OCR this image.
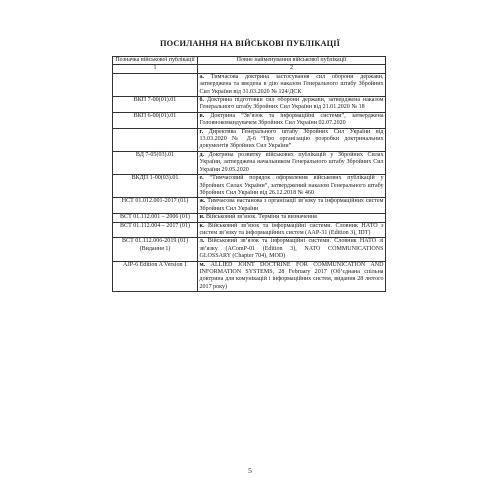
ПОСИЛАННЯ НА ВІЙСЬКОВІ ПУБЛІКАЦІЇ
Позначка військової публікації	Повне найменування військової публікації
1	2
	а. Тимчасова доктрина застосування сил оборони держави, затверджена та введена в дію наказом Генерального штабу Збройних Сил України від 31.03.2020 № 124/ДСК
ВКП 7-00(01).01	б. Доктрина підготовки сил оборони держави, затверджена наказом Генерального штабу Збройних Сил України від 21.01.2020 № 18
ВКП 6-00(01).01	в. Доктрина “Зв’язок та інформаційні системи”, затверджена Головнокомандувачем Збройних Сил України 02.07.2020
	г. Директива Генерального штабу Збройних Сил України від 13.03.2020 № Д-6 “Про організацію розробки доктринальних документів Збройних Сил України”
ВД 7-05(03).01	д. Доктрина розвитку військових публікацій у Збройних Силах України, затверджена начальником Генерального штабу Збройних Сил України 29.05.2020
ВКДП 1-00(03).01	е. “Тимчасовий порядок оформлення військових публікацій у Збройних Силах України”, затверджений наказом Генерального штабу Збройних Сил України від 26.12.2018 № 460
НСТ 01.012.001-2017 (01)	ж. Тимчасова настанова з організації зв’язку та інформаційних систем Збройних Сил України
ВСТ 01.112.001 – 2006 (01)	и. Військовий зв’язок. Терміни та визначення
ВСТ 01.112.004 – 2017 (01)	к. Військовий зв’язок та інформаційні системи. Словник НАТО з систем зв’язку та інформаційних систем (AAP-31 (Edition 3), IDT)
ВСТ 01.112.006-2019 (01) (Видання 1)	л. Військовий зв’язок та інформаційні системи. Словник НАТО зі зв’язку (AComP-01 (Edition 3), NATO COMMUNICATIONS GLOSSARY (Chapter 704), MOD)
AJP-6 Edition A Version 1	м. ALLIED JOINT DOCTRINE FOR COMMUNICATION AND INFORMATION SYSTEMS, 28 February 2017 (Об’єднана спільна доктрина для комунікацій і інформаційних систем, видання 28 лютого 2017 року)
5
